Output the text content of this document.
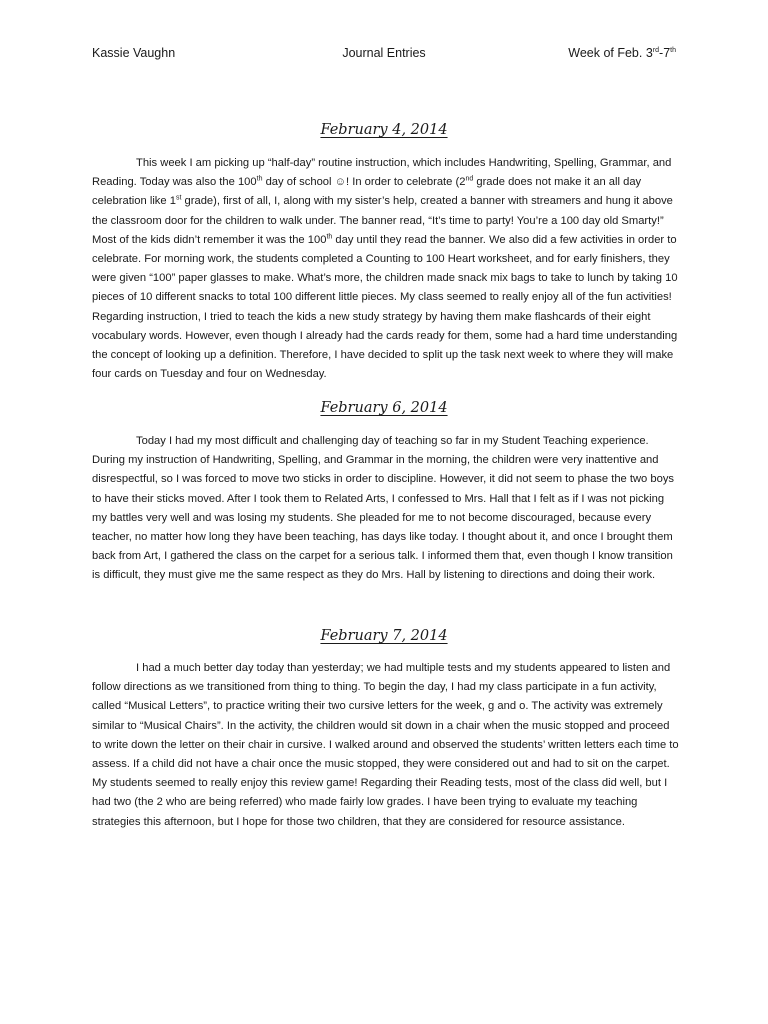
Kassie Vaughn	Journal Entries	Week of Feb. 3rd-7th
February 4, 2014

This week I am picking up “half-day” routine instruction, which includes Handwriting, Spelling, Grammar, and Reading. Today was also the 100th day of school ☺! In order to celebrate (2nd grade does not make it an all day celebration like 1st grade), first of all, I, along with my sister’s help, created a banner with streamers and hung it above the classroom door for the children to walk under. The banner read, “It’s time to party! You’re a 100 day old Smarty!” Most of the kids didn’t remember it was the 100th day until they read the banner. We also did a few activities in order to celebrate. For morning work, the students completed a Counting to 100 Heart worksheet, and for early finishers, they were given “100” paper glasses to make. What’s more, the children made snack mix bags to take to lunch by taking 10 pieces of 10 different snacks to total 100 different little pieces. My class seemed to really enjoy all of the fun activities! Regarding instruction, I tried to teach the kids a new study strategy by having them make flashcards of their eight vocabulary words. However, even though I already had the cards ready for them, some had a hard time understanding the concept of looking up a definition. Therefore, I have decided to split up the task next week to where they will make four cards on Tuesday and four on Wednesday.

February 6, 2014

Today I had my most difficult and challenging day of teaching so far in my Student Teaching experience. During my instruction of Handwriting, Spelling, and Grammar in the morning, the children were very inattentive and disrespectful, so I was forced to move two sticks in order to discipline. However, it did not seem to phase the two boys to have their sticks moved. After I took them to Related Arts, I confessed to Mrs. Hall that I felt as if I was not picking my battles very well and was losing my students. She pleaded for me to not become discouraged, because every teacher, no matter how long they have been teaching, has days like today. I thought about it, and once I brought them back from Art, I gathered the class on the carpet for a serious talk. I informed them that, even though I know transition is difficult, they must give me the same respect as they do Mrs. Hall by listening to directions and doing their work.

February 7, 2014

I had a much better day today than yesterday; we had multiple tests and my students appeared to listen and follow directions as we transitioned from thing to thing. To begin the day, I had my class participate in a fun activity, called “Musical Letters”, to practice writing their two cursive letters for the week, g and o. The activity was extremely similar to “Musical Chairs”. In the activity, the children would sit down in a chair when the music stopped and proceed to write down the letter on their chair in cursive. I walked around and observed the students’ written letters each time to assess. If a child did not have a chair once the music stopped, they were considered out and had to sit on the carpet. My students seemed to really enjoy this review game! Regarding their Reading tests, most of the class did well, but I had two (the 2 who are being referred) who made fairly low grades. I have been trying to evaluate my teaching strategies this afternoon, but I hope for those two children, that they are considered for resource assistance.
